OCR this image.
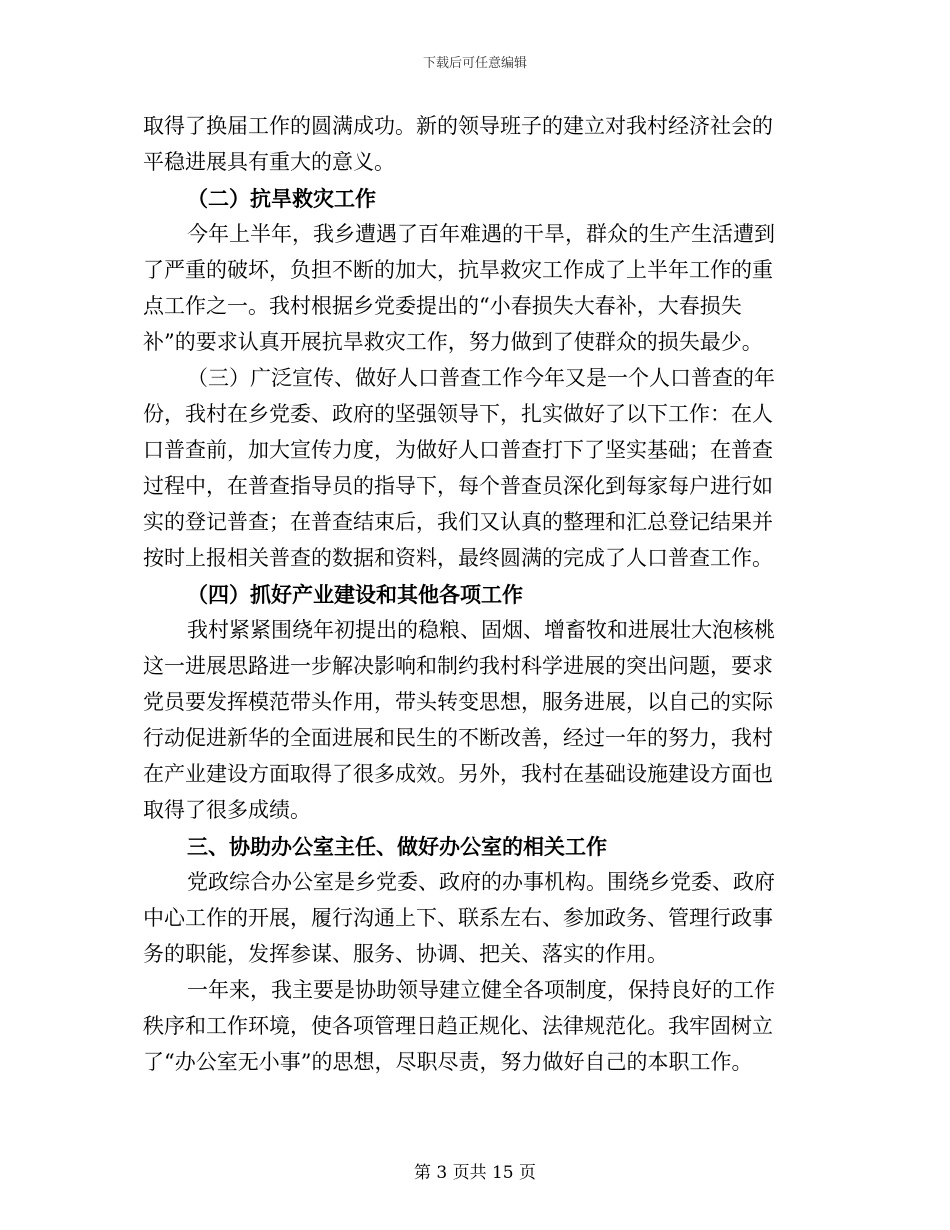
下载后可任意编辑
取得了换届工作的圆满成功。新的领导班子的建立对我村经济社会的
平稳进展具有重大的意义。
（二）抗旱救灾工作
今年上半年，我乡遭遇了百年难遇的干旱，群众的生产生活遭到
了严重的破坏，负担不断的加大，抗旱救灾工作成了上半年工作的重
点工作之一。我村根据乡党委提出的“小春损失大春补，大春损失
补”的要求认真开展抗旱救灾工作，努力做到了使群众的损失最少。
（三）广泛宣传、做好人口普查工作今年又是一个人口普查的年
份，我村在乡党委、政府的坚强领导下，扎实做好了以下工作：在人
口普查前，加大宣传力度，为做好人口普查打下了坚实基础；在普查
过程中，在普查指导员的指导下，每个普查员深化到每家每户进行如
实的登记普查；在普查结束后，我们又认真的整理和汇总登记结果并
按时上报相关普查的数据和资料，最终圆满的完成了人口普查工作。
（四）抓好产业建设和其他各项工作
我村紧紧围绕年初提出的稳粮、固烟、增畜牧和进展壮大泡核桃
这一进展思路进一步解决影响和制约我村科学进展的突出问题，要求
党员要发挥模范带头作用，带头转变思想，服务进展，以自己的实际
行动促进新华的全面进展和民生的不断改善，经过一年的努力，我村
在产业建设方面取得了很多成效。另外，我村在基础设施建设方面也
取得了很多成绩。
三、协助办公室主任、做好办公室的相关工作
党政综合办公室是乡党委、政府的办事机构。围绕乡党委、政府
中心工作的开展，履行沟通上下、联系左右、参加政务、管理行政事
务的职能，发挥参谋、服务、协调、把关、落实的作用。
一年来，我主要是协助领导建立健全各项制度，保持良好的工作
秩序和工作环境，使各项管理日趋正规化、法律规范化。我牢固树立
了“办公室无小事”的思想，尽职尽责，努力做好自己的本职工作。
第 3 页共 15 页
